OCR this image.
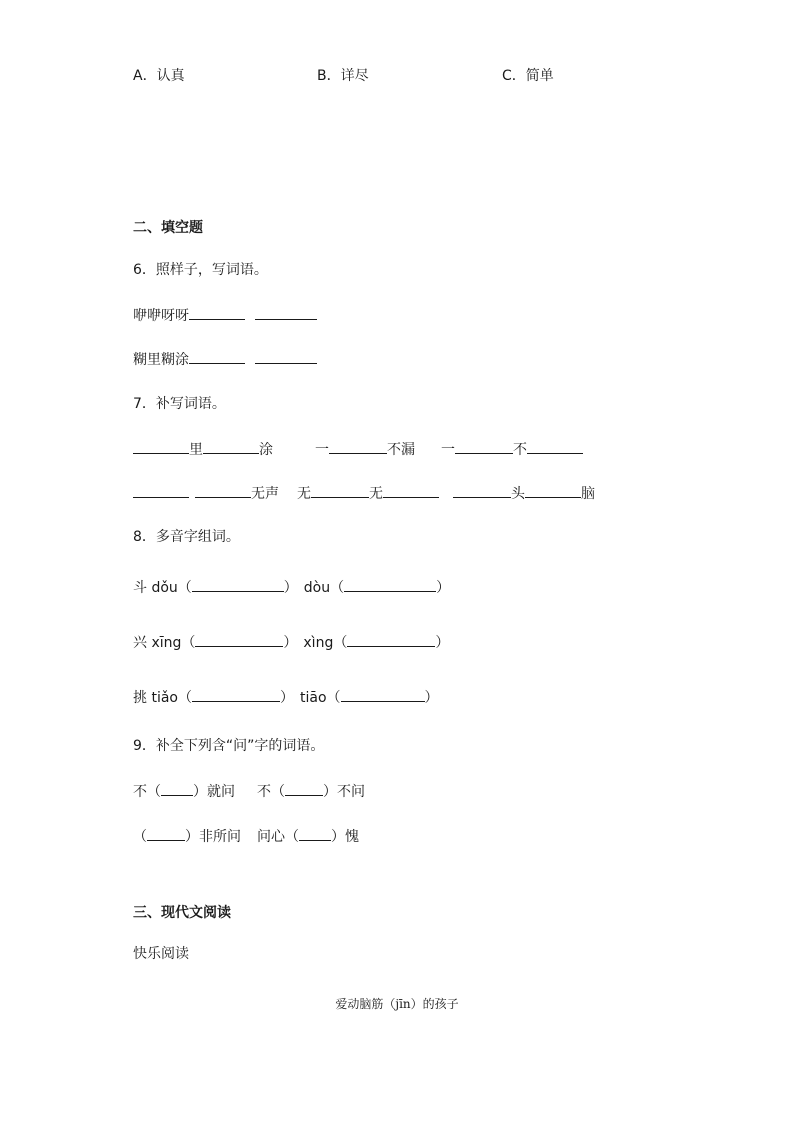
A．认真	B．详尽	C．简单
二、填空题
6．照样子，写词语。
咿咿呀呀
糊里糊涂
7．补写词语。
里	涂	一	不漏 一	不
无声 无	无	头	脑
8．多音字组词。
斗 dǒu（	） dòu（	）
兴 xīng（	） xìng（	）
挑 tiǎo（	） tiāo（	）
9．补全下列含“问”字的词语。
不（ ）就问 不（	）不问
（	）非所问 问心（ ）愧
三、现代文阅读
快乐阅读
爱动脑筋（jīn）的孩子
